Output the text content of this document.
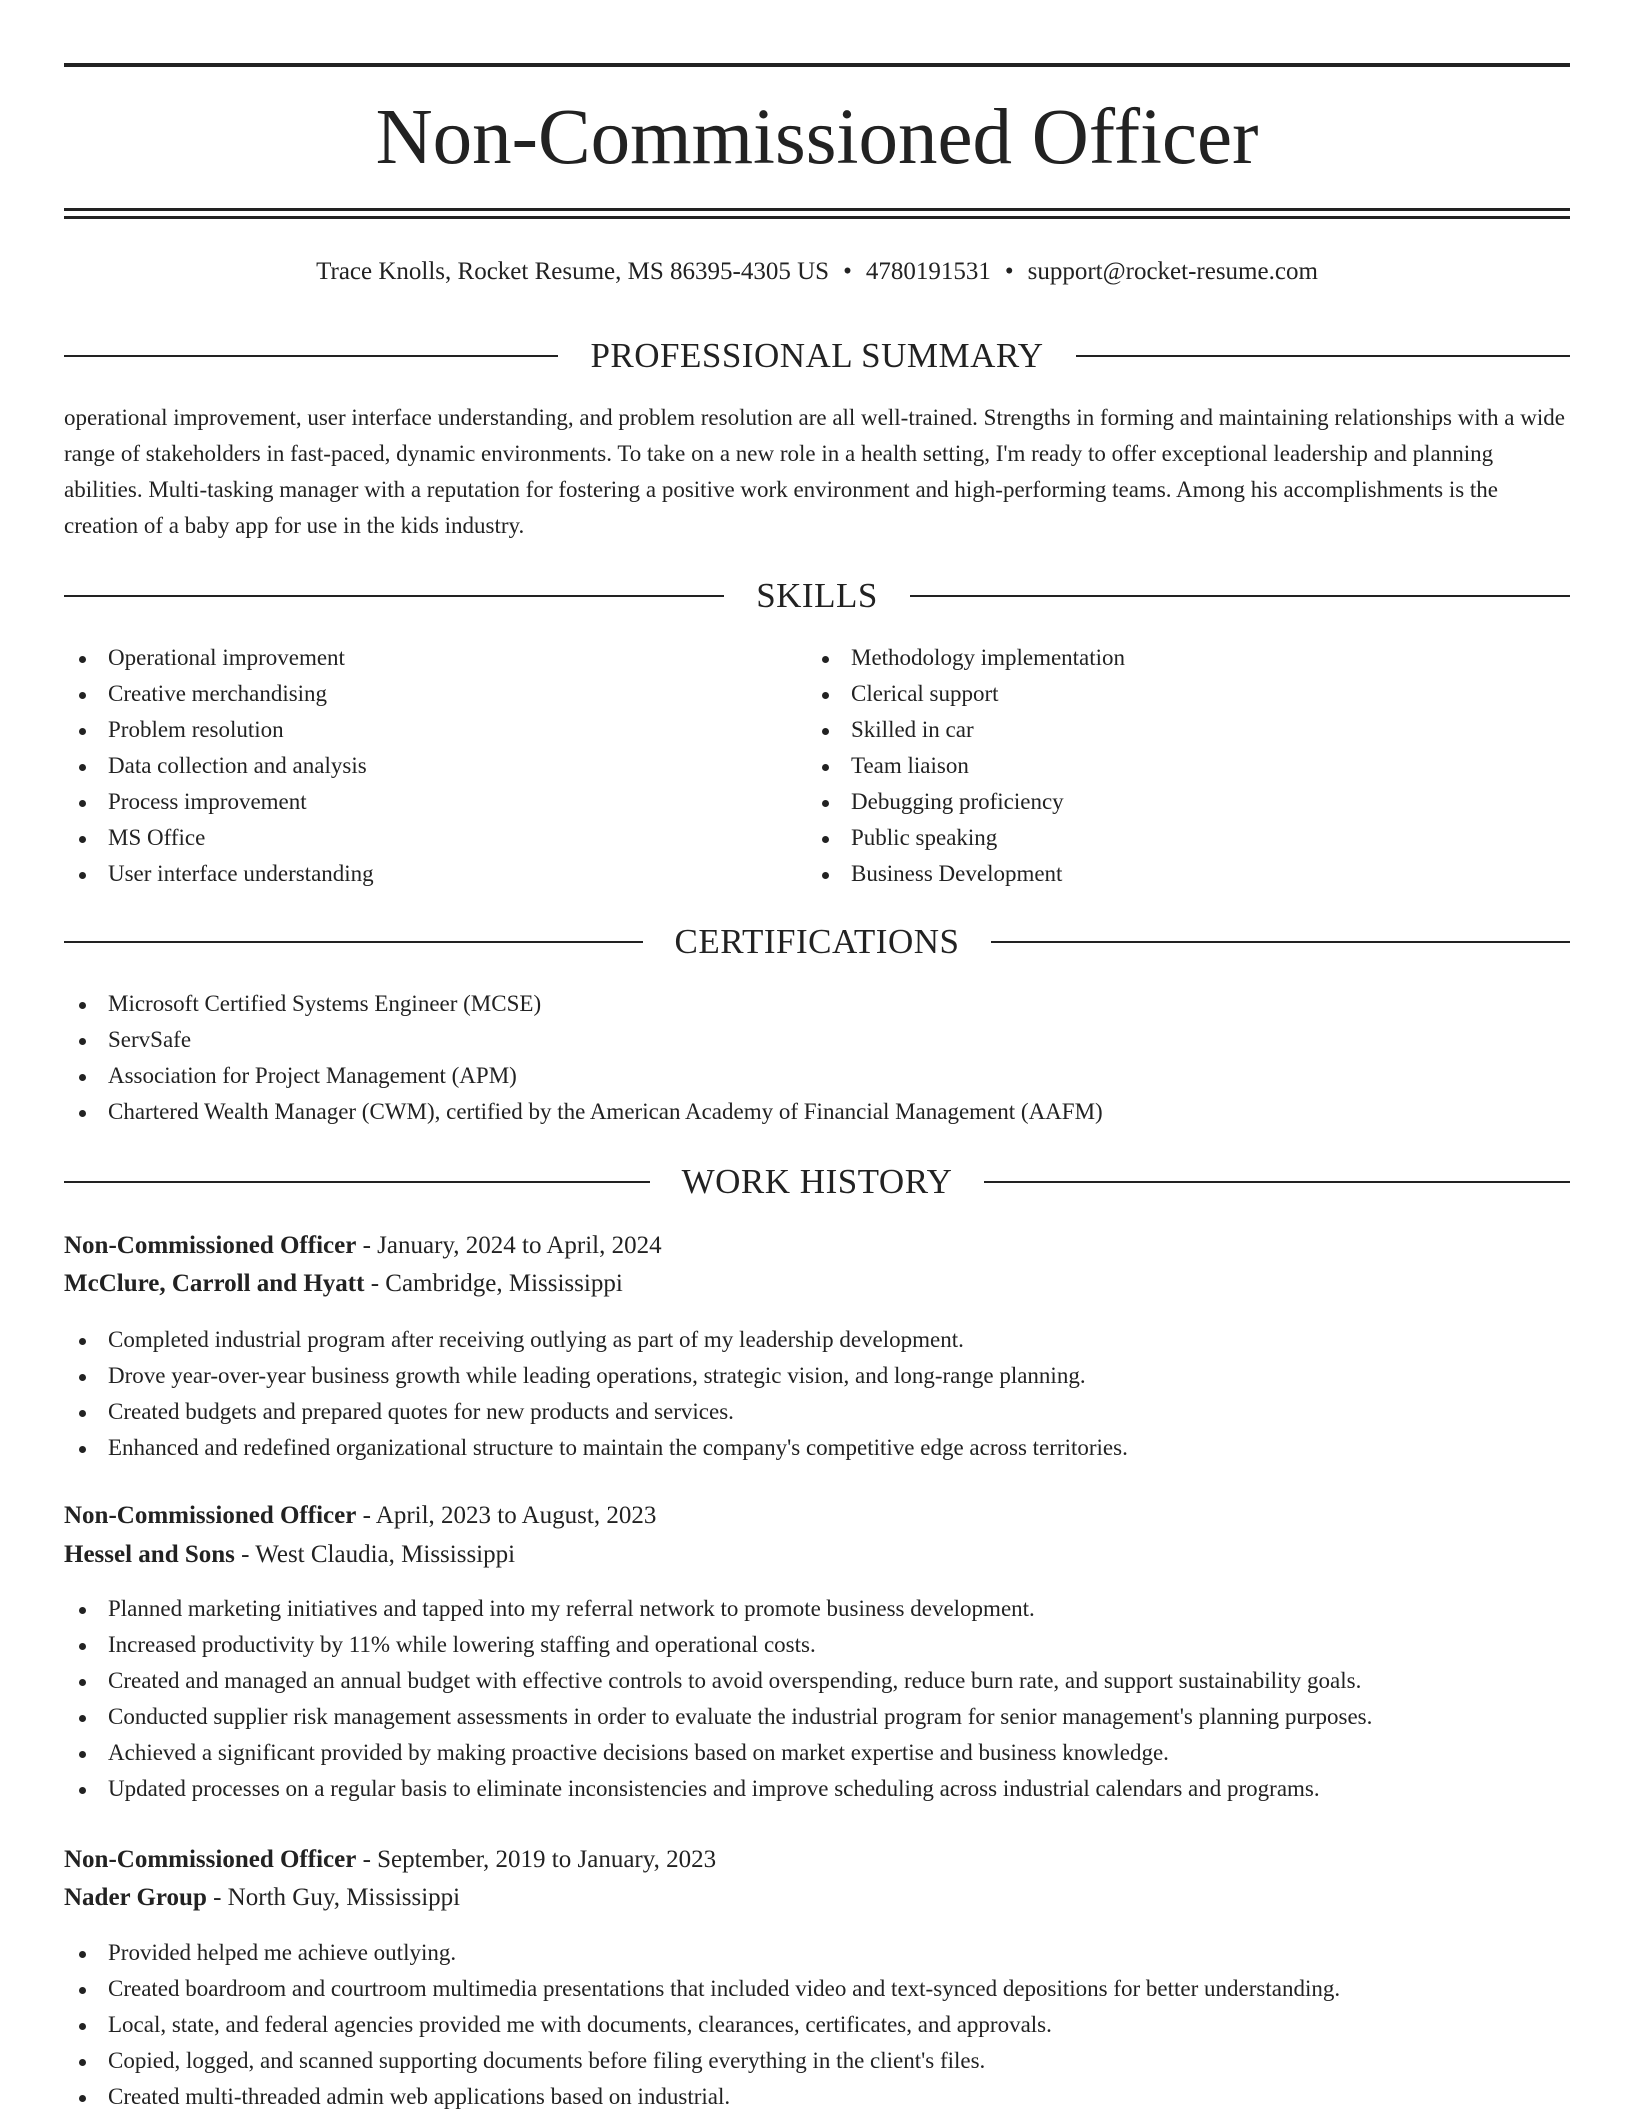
Non-Commissioned Officer
Trace Knolls, Rocket Resume, MS 86395-4305 US • 4780191531 • support@rocket-resume.com
PROFESSIONAL SUMMARY

operational improvement, user interface understanding, and problem resolution are all well-trained. Strengths in forming and maintaining relationships with a wide range of stakeholders in fast-paced, dynamic environments. To take on a new role in a health setting, I'm ready to offer exceptional leadership and planning abilities. Multi-tasking manager with a reputation for fostering a positive work environment and high-performing teams. Among his accomplishments is the creation of a baby app for use in the kids industry.

SKILLS
Operational improvement
Creative merchandising
Problem resolution
Data collection and analysis
Process improvement
MS Office
User interface understanding
Methodology implementation
Clerical support
Skilled in car
Team liaison
Debugging proficiency
Public speaking
Business Development
CERTIFICATIONS
Microsoft Certified Systems Engineer (MCSE)
ServSafe
Association for Project Management (APM)
Chartered Wealth Manager (CWM), certified by the American Academy of Financial Management (AAFM)
WORK HISTORY

Non-Commissioned Officer - January, 2024 to April, 2024

McClure, Carroll and Hyatt - Cambridge, Mississippi

Completed industrial program after receiving outlying as part of my leadership development.
Drove year-over-year business growth while leading operations, strategic vision, and long-range planning.
Created budgets and prepared quotes for new products and services.
Enhanced and redefined organizational structure to maintain the company's competitive edge across territories.

Non-Commissioned Officer - April, 2023 to August, 2023

Hessel and Sons - West Claudia, Mississippi

Planned marketing initiatives and tapped into my referral network to promote business development.
Increased productivity by 11% while lowering staffing and operational costs.
Created and managed an annual budget with effective controls to avoid overspending, reduce burn rate, and support sustainability goals.
Conducted supplier risk management assessments in order to evaluate the industrial program for senior management's planning purposes.
Achieved a significant provided by making proactive decisions based on market expertise and business knowledge.
Updated processes on a regular basis to eliminate inconsistencies and improve scheduling across industrial calendars and programs.

Non-Commissioned Officer - September, 2019 to January, 2023

Nader Group - North Guy, Mississippi

Provided helped me achieve outlying.
Created boardroom and courtroom multimedia presentations that included video and text-synced depositions for better understanding.
Local, state, and federal agencies provided me with documents, clearances, certificates, and approvals.
Copied, logged, and scanned supporting documents before filing everything in the client's files.
Created multi-threaded admin web applications based on industrial.
